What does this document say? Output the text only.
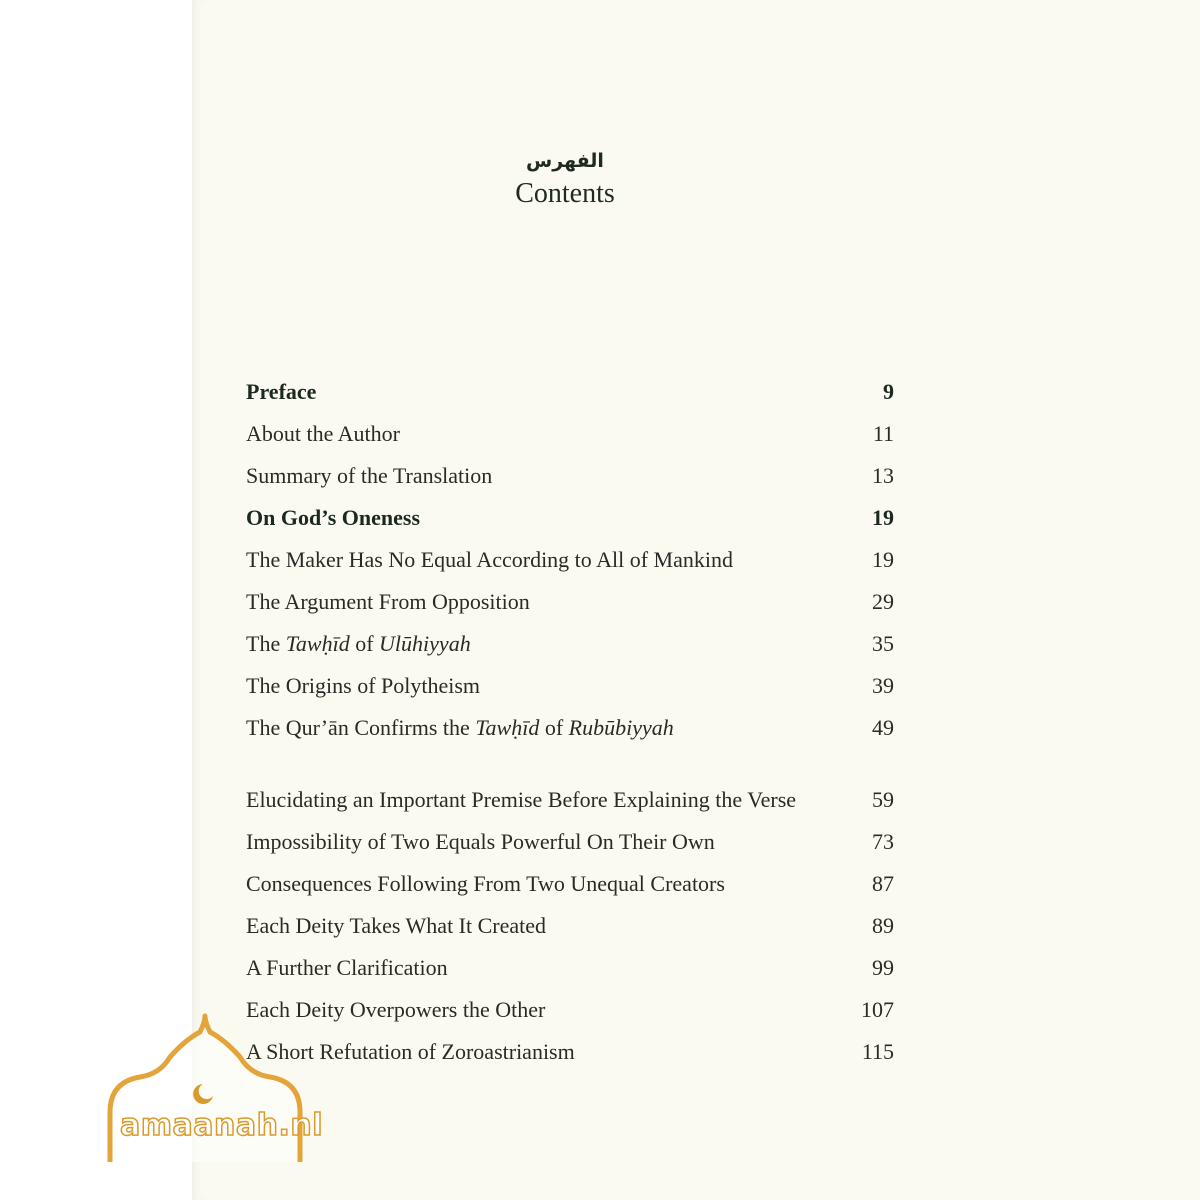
الفهرس
Contents
Preface	9
About the Author	11
Summary of the Translation	13
On God’s Oneness	19
The Maker Has No Equal According to All of Mankind	19
The Argument From Opposition	29
The Tawḥīd of Ulūhiyyah	35
The Origins of Polytheism	39
The Qur’ān Confirms the Tawḥīd of Rubūbiyyah	49
Elucidating an Important Premise Before Explaining the Verse	59
Impossibility of Two Equals Powerful On Their Own	73
Consequences Following From Two Unequal Creators	87
Each Deity Takes What It Created	89
A Further Clarification	99
Each Deity Overpowers the Other	107
A Short Refutation of Zoroastrianism	115
amaanah.nl
